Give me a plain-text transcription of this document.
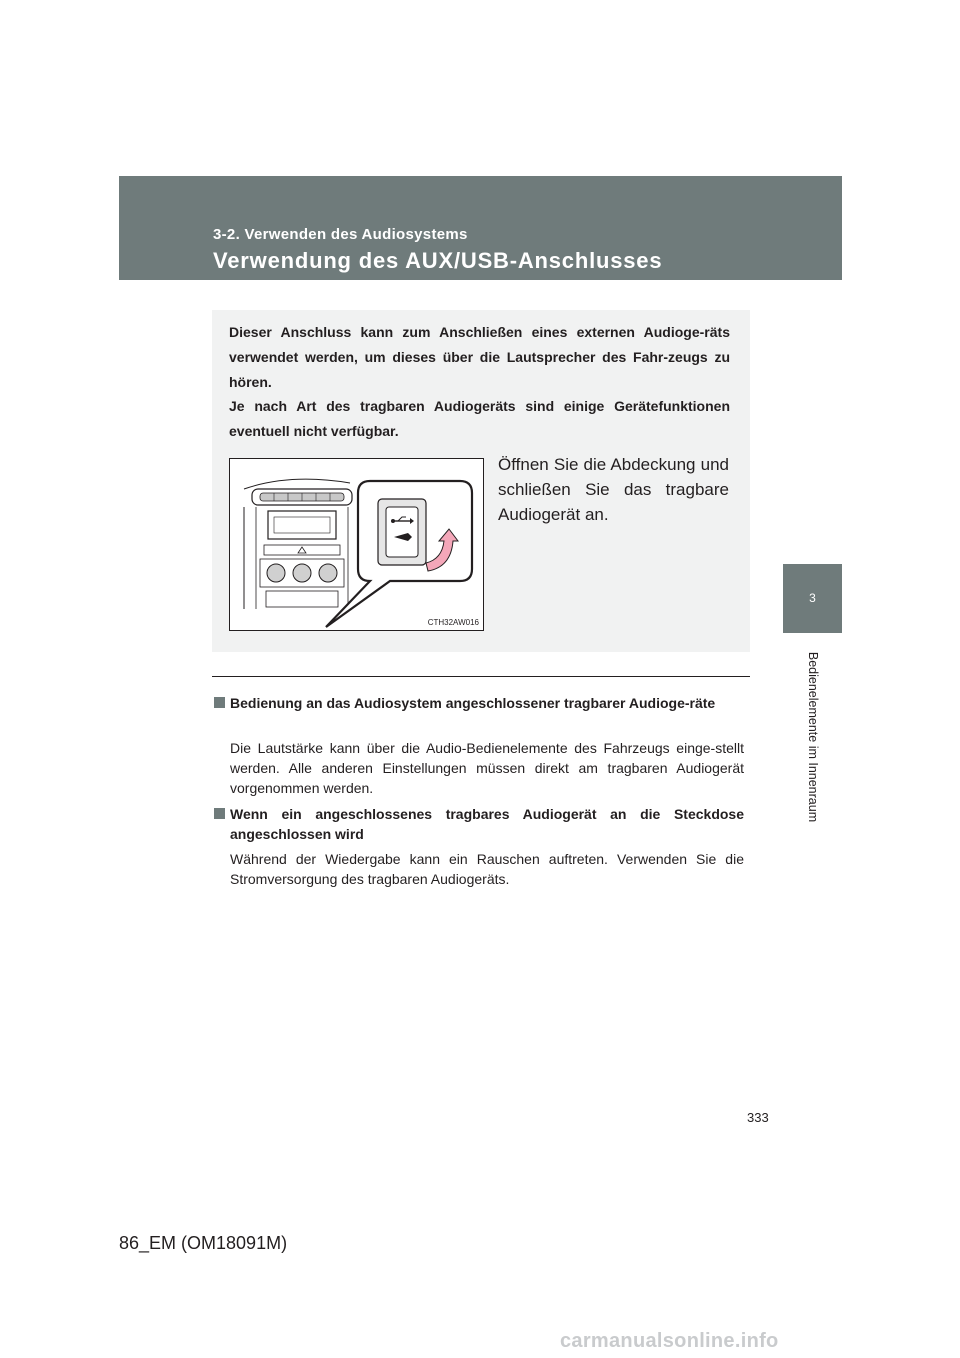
3-2. Verwenden des Audiosystems
Verwendung des AUX/USB-Anschlusses
3
Bedienelemente im Innenraum

Dieser Anschluss kann zum Anschließen eines externen Audioge-räts verwendet werden, um dieses über die Lautsprecher des Fahr-zeugs zu hören.

Je nach Art des tragbaren Audiogeräts sind einige Gerätefunktionen eventuell nicht verfügbar.

CTH32AW016

Öffnen Sie die Abdeckung und schließen Sie das tragbare Audiogerät an.

Bedienung an das Audiosystem angeschlossener tragbarer Audioge-räte

Die Lautstärke kann über die Audio-Bedienelemente des Fahrzeugs einge-stellt werden. Alle anderen Einstellungen müssen direkt am tragbaren Audiogerät vorgenommen werden.

Wenn ein angeschlossenes tragbares Audiogerät an die Steckdose angeschlossen wird

Während der Wiedergabe kann ein Rauschen auftreten. Verwenden Sie die Stromversorgung des tragbaren Audiogeräts.

333
86_EM (OM18091M)
carmanualsonline.info
